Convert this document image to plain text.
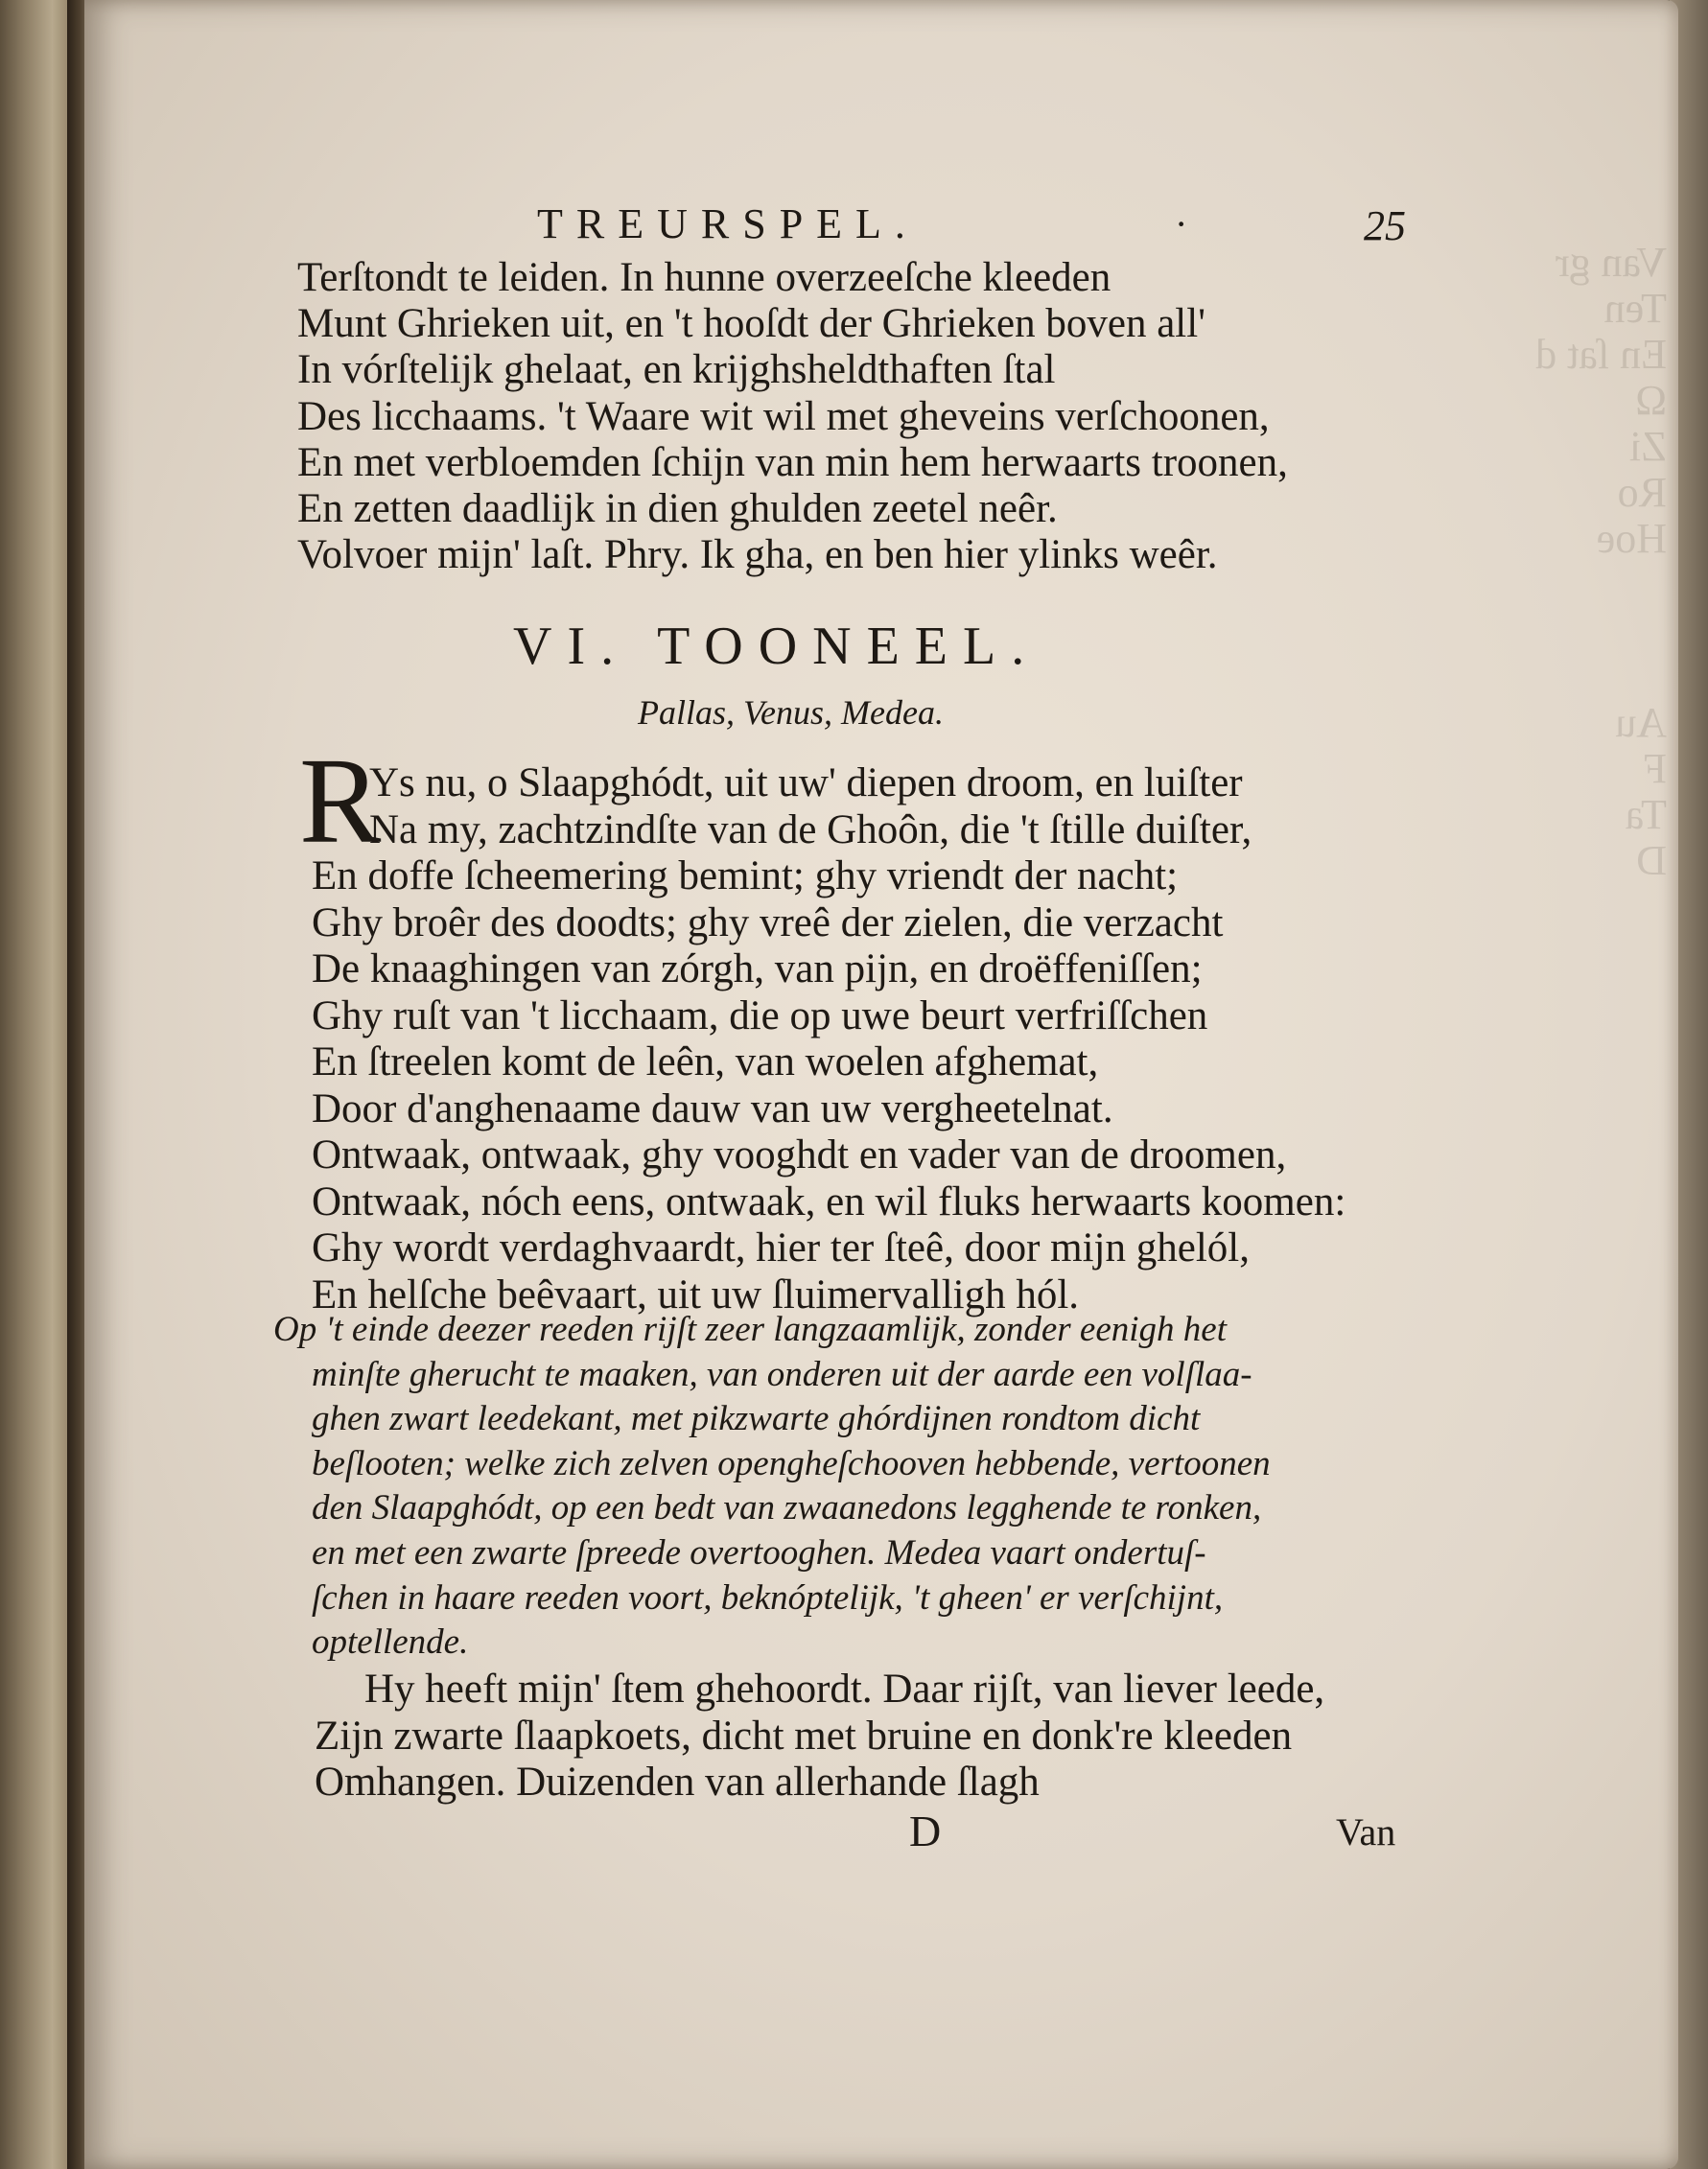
Van gr
Ten
En ſat d
Ω
Zi
Ro
Hoe

Au
F
Ta
D
TREURSPEL.	·	25
Terſtondt te leiden. In hunne overzeeſche kleeden
Munt Ghrieken uit, en 't hooſdt der Ghrieken boven all'
In vórſtelijk ghelaat, en krijghsheldthaften ſtal
Des licchaams. 't Waare wit wil met gheveins verſchoonen,
En met verbloemden ſchijn van min hem herwaarts troonen,
En zetten daadlijk in dien ghulden zeetel neêr.
Volvoer mijn' laſt. Phry. Ik gha, en ben hier ylinks weêr.
VI. TOONEEL.
Pallas, Venus, Medea.
R
Ys nu, o Slaapghódt, uit uw' diepen droom, en luiſter
Na my, zachtzindſte van de Ghoôn, die 't ſtille duiſter,
En doffe ſcheemering bemint; ghy vriendt der nacht;
Ghy broêr des doodts; ghy vreê der zielen, die verzacht
De knaaghingen van zórgh, van pijn, en droëffeniſſen;
Ghy ruſt van 't licchaam, die op uwe beurt verfriſſchen
En ſtreelen komt de leên, van woelen afghemat,
Door d'anghenaame dauw van uw vergheetelnat.
Ontwaak, ontwaak, ghy vooghdt en vader van de droomen,
Ontwaak, nóch eens, ontwaak, en wil fluks herwaarts koomen:
Ghy wordt verdaghvaardt, hier ter ſteê, door mijn ghelól,
En helſche beêvaart, uit uw ſluimervalligh hól.
Op 't einde deezer reeden rijſt zeer langzaamlijk, zonder eenigh het
minſte gherucht te maaken, van onderen uit der aarde een volſlaa-
ghen zwart leedekant, met pikzwarte ghórdijnen rondtom dicht
beſlooten; welke zich zelven opengheſchooven hebbende, vertoonen
den Slaapghódt, op een bedt van zwaanedons legghende te ronken,
en met een zwarte ſpreede overtooghen. Medea vaart ondertuſ-
ſchen in haare reeden voort, beknóptelijk, 't gheen' er verſchijnt,
optellende.
Hy heeft mijn' ſtem ghehoordt. Daar rijſt, van liever leede,
Zijn zwarte ſlaapkoets, dicht met bruine en donk're kleeden
Omhangen. Duizenden van allerhande ſlagh
D	Van
